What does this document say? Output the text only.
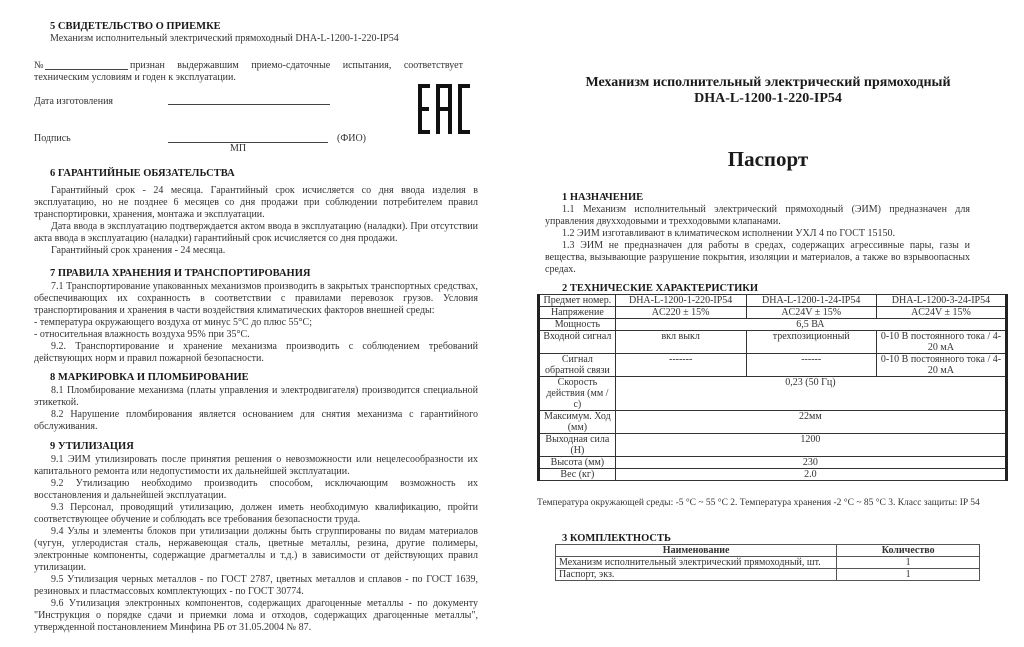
5 СВИДЕТЕЛЬСТВО О ПРИЕМКЕ
Механизм исполнительный электрический прямоходный DHA-L-1200-1-220-IP54
№	признан     выдержавшим     приемо-сдаточные     испытания,     соответствует
техническим условиям и годен к эксплуатации.
Дата изготовления
Подпись	(ФИО)
МП
6 ГАРАНТИЙНЫЕ ОБЯЗАТЕЛЬСТВА
Гарантийный срок - 24 месяца. Гарантийный срок исчисляется со дня ввода изделия в эксплуатацию, но не позднее 6 месяцев со дня продажи при соблюдении потребителем правил транспортировки, хранения, монтажа и эксплуатации.
Дата ввода в эксплуатацию подтверждается актом ввода в эксплуатацию (наладки). При отсутствии акта ввода в эксплуатацию (наладки) гарантийный срок исчисляется со дня продажи.
Гарантийный срок хранения - 24 месяца.
7 ПРАВИЛА ХРАНЕНИЯ И ТРАНСПОРТИРОВАНИЯ
7.1 Транспортирование упакованных механизмов производить в закрытых транспортных средствах, обеспечивающих их сохранность в соответствии с правилами перевозок грузов. Условия транспортирования и хранения в части воздействия климатических факторов внешней среды:
- температура окружающего воздуха от минус 5°С до плюс 55°С;
- относительная влажность воздуха 95% при 35°С.
9.2. Транспортирование и хранение механизма производить с соблюдением требований действующих норм и правил пожарной безопасности.
8 МАРКИРОВКА И ПЛОМБИРОВАНИЕ
8.1 Пломбирование механизма (платы управления и электродвигателя) производится специальной этикеткой.
8.2 Нарушение пломбирования является основанием для снятия механизма с гарантийного обслуживания.
9 УТИЛИЗАЦИЯ
9.1 ЭИМ утилизировать после принятия решения о невозможности или нецелесообразности их капитального ремонта или недопустимости их дальнейшей эксплуатации.
9.2 Утилизацию необходимо производить способом, исключающим возможность их восстановления и дальнейшей эксплуатации.
9.3 Персонал, проводящий утилизацию, должен иметь необходимую квалификацию, пройти соответствующее обучение и соблюдать все требования безопасности труда.
9.4 Узлы и элементы блоков при утилизации должны быть сгруппированы по видам материалов (чугун, углеродистая сталь, нержавеющая сталь, цветные металлы, резина, другие полимеры, электронные компоненты, содержащие драгметаллы и т.д.) в зависимости от действующих правил утилизации.
9.5 Утилизация черных металлов - по ГОСТ 2787, цветных металлов и сплавов - по ГОСТ 1639, резиновых и пластмассовых комплектующих - по ГОСТ 30774.
9.6 Утилизация электронных компонентов, содержащих драгоценные металлы - по документу "Инструкция о порядке сдачи и приемки лома и отходов, содержащих драгоценные металлы", утвержденной постановлением Минфина РБ от 31.05.2004 № 87.
Механизм исполнительный электрический прямоходный
DHA-L-1200-1-220-IP54
Паспорт
1 НАЗНАЧЕНИЕ
1.1 Механизм исполнительный электрический прямоходный (ЭИМ) предназначен для управления двухходовыми и трехходовыми клапанами.
1.2 ЭИМ изготавливают в климатическом исполнении УХЛ 4 по ГОСТ 15150.
1.3 ЭИМ не предназначен для работы в средах, содержащих агрессивные пары, газы и вещества, вызывающие разрушение покрытия, изоляции и материалов, а также во взрывоопасных средах.
2 ТЕХНИЧЕСКИЕ ХАРАКТЕРИСТИКИ
Предмет номер.	DHA-L-1200-1-220-IP54	DHA-L-1200-1-24-IP54	DHA-L-1200-3-24-IP54
Напряжение	AC220 ± 15%	AC24V ± 15%	AC24V ± 15%
Мощность	6,5 ВА		
Входной сигнал	вкл выкл	трехпозиционный	0-10 В постоянного тока / 4-20 мА
Сигнал обратной связи	-------	------	0-10 В постоянного тока / 4-20 мА
Скорость действия (мм / с)	0,23 (50 Гц)		
Максимум. Ход (мм)	22мм		
Выходная сила (Н)	1200		
Высота (мм)	230		
Вес (кг)	2.0		
Температура окружающей среды: -5 °С ~ 55 °С 2. Температура хранения -2 °С ~ 85 °С 3. Класс защиты: IP 54
3 КОМПЛЕКТНОСТЬ
Наименование	Количество
Механизм исполнительный электрический прямоходный, шт.	1
Паспорт, экз.	1
